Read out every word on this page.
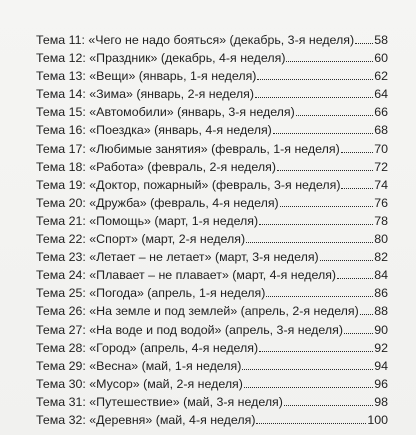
Тема 11: «Чего не надо бояться» (декабрь, 3-я неделя) 58
Тема 12: «Праздник» (декабрь, 4-я неделя)	60
Тема 13: «Вещи» (январь, 1-я неделя)	62
Тема 14: «Зима» (январь, 2-я неделя)	64
Тема 15: «Автомобили» (январь, 3-я неделя)	66
Тема 16: «Поездка» (январь, 4-я неделя)	68
Тема 17: «Любимые занятия» (февраль, 1-я неделя)	70
Тема 18: «Работа» (февраль, 2-я неделя)	72
Тема 19: «Доктор, пожарный» (февраль, 3-я неделя)	74
Тема 20: «Дружба» (февраль, 4-я неделя)	76
Тема 21: «Помощь» (март, 1-я неделя)	78
Тема 22: «Спорт» (март, 2-я неделя)	80
Тема 23: «Летает – не летает» (март, 3-я неделя)	82
Тема 24: «Плавает – не плавает» (март, 4-я неделя)	84
Тема 25: «Погода» (апрель, 1-я неделя)	86
Тема 26: «На земле и под землей» (апрель, 2-я неделя) 88
Тема 27: «На воде и под водой» (апрель, 3-я неделя)	90
Тема 28: «Город» (апрель, 4-я неделя)	92
Тема 29: «Весна» (май, 1-я неделя)	94
Тема 30: «Мусор» (май, 2-я неделя)	96
Тема 31: «Путешествие» (май, 3-я неделя)	98
Тема 32: «Деревня» (май, 4-я неделя)	100
